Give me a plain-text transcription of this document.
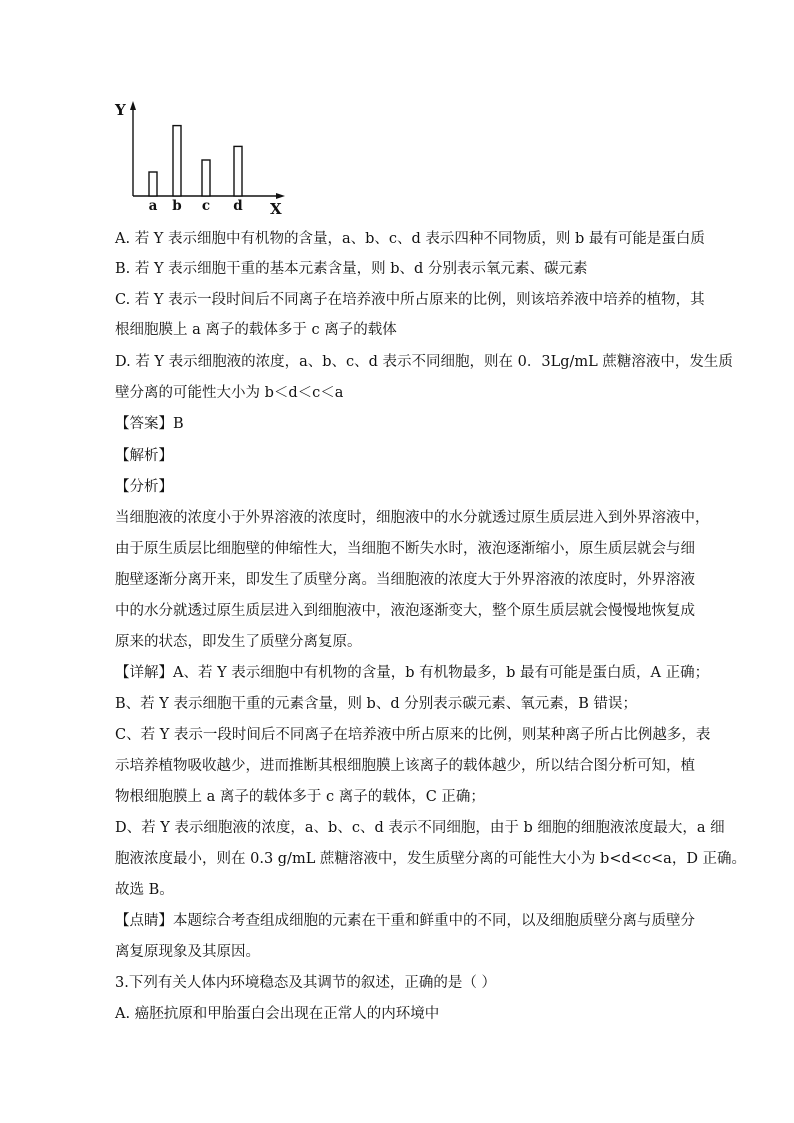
Y
X
a b c d
A. 若 Y 表示细胞中有机物的含量，a、b、c、d 表示四种不同物质，则 b 最有可能是蛋白质
B. 若 Y 表示细胞干重的基本元素含量，则 b、d 分别表示氧元素、碳元素
C. 若 Y 表示一段时间后不同离子在培养液中所占原来的比例，则该培养液中培养的植物，其
根细胞膜上 a 离子的载体多于 c 离子的载体
D. 若 Y 表示细胞液的浓度，a、b、c、d 表示不同细胞，则在 0．3Lg/mL 蔗糖溶液中，发生质
壁分离的可能性大小为 b＜d＜c＜a
【答案】B
【解析】
【分析】
当细胞液的浓度小于外界溶液的浓度时，细胞液中的水分就透过原生质层进入到外界溶液中，
由于原生质层比细胞壁的伸缩性大，当细胞不断失水时，液泡逐渐缩小，原生质层就会与细
胞壁逐渐分离开来，即发生了质壁分离。当细胞液的浓度大于外界溶液的浓度时，外界溶液
中的水分就透过原生质层进入到细胞液中，液泡逐渐变大，整个原生质层就会慢慢地恢复成
原来的状态，即发生了质壁分离复原。
【详解】A、若 Y 表示细胞中有机物的含量，b 有机物最多，b 最有可能是蛋白质，A 正确；
B、若 Y 表示细胞干重的元素含量，则 b、d 分别表示碳元素、氧元素，B 错误；
C、若 Y 表示一段时间后不同离子在培养液中所占原来的比例，则某种离子所占比例越多，表
示培养植物吸收越少，进而推断其根细胞膜上该离子的载体越少，所以结合图分析可知，植
物根细胞膜上 a 离子的载体多于 c 离子的载体，C 正确；
D、若 Y 表示细胞液的浓度，a、b、c、d 表示不同细胞，由于 b 细胞的细胞液浓度最大，a 细
胞液浓度最小，则在 0.3 g/mL 蔗糖溶液中，发生质壁分离的可能性大小为 b<d<c<a，D 正确。
故选 B。
【点睛】本题综合考查组成细胞的元素在干重和鲜重中的不同，以及细胞质壁分离与质壁分
离复原现象及其原因。
3.下列有关人体内环境稳态及其调节的叙述，正确的是（ ）
A. 癌胚抗原和甲胎蛋白会出现在正常人的内环境中
